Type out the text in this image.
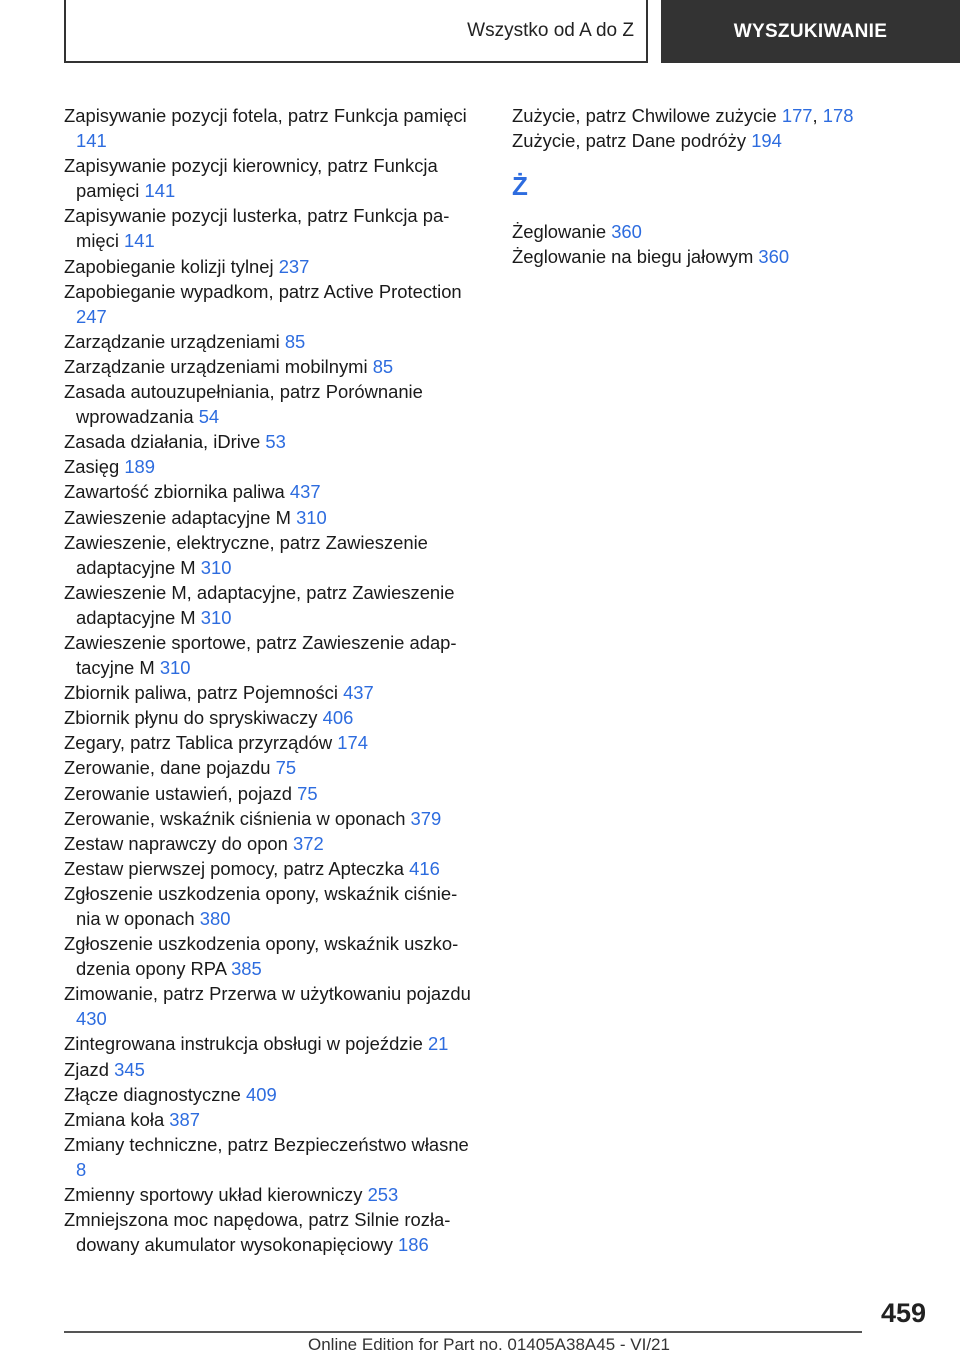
Wszystko od A do Z	WYSZUKIWANIE

Zapisywanie pozycji fotela, patrz Funkcja pamięci 141

Zapisywanie pozycji kierownicy, patrz Funkcja pamięci 141

Zapisywanie pozycji lusterka, patrz Funkcja pamięci 141

Zapobieganie kolizji tylnej 237

Zapobieganie wypadkom, patrz Active Protection 247

Zarządzanie urządzeniami 85

Zarządzanie urządzeniami mobilnymi 85

Zasada autouzupełniania, patrz Porównanie wprowadzania 54

Zasada działania, iDrive 53

Zasięg 189

Zawartość zbiornika paliwa 437

Zawieszenie adaptacyjne M 310

Zawieszenie, elektryczne, patrz Zawieszenie adaptacyjne M 310

Zawieszenie M, adaptacyjne, patrz Zawieszenie adaptacyjne M 310

Zawieszenie sportowe, patrz Zawieszenie adaptacyjne M 310

Zbiornik paliwa, patrz Pojemności 437

Zbiornik płynu do spryskiwaczy 406

Zegary, patrz Tablica przyrządów 174

Zerowanie, dane pojazdu 75

Zerowanie ustawień, pojazd 75

Zerowanie, wskaźnik ciśnienia w oponach 379

Zestaw naprawczy do opon 372

Zestaw pierwszej pomocy, patrz Apteczka 416

Zgłoszenie uszkodzenia opony, wskaźnik ciśnienia w oponach 380

Zgłoszenie uszkodzenia opony, wskaźnik uszkodzenia opony RPA 385

Zimowanie, patrz Przerwa w użytkowaniu pojazdu 430

Zintegrowana instrukcja obsługi w pojeździe 21

Zjazd 345

Złącze diagnostyczne 409

Zmiana koła 387

Zmiany techniczne, patrz Bezpieczeństwo własne 8

Zmienny sportowy układ kierowniczy 253

Zmniejszona moc napędowa, patrz Silnie rozładowany akumulator wysokonapięciowy 186

Zużycie, patrz Chwilowe zużycie 177, 178

Zużycie, patrz Dane podróży 194

Ż

Żeglowanie 360

Żeglowanie na biegu jałowym 360

459
Online Edition for Part no. 01405A38A45 - VI/21
